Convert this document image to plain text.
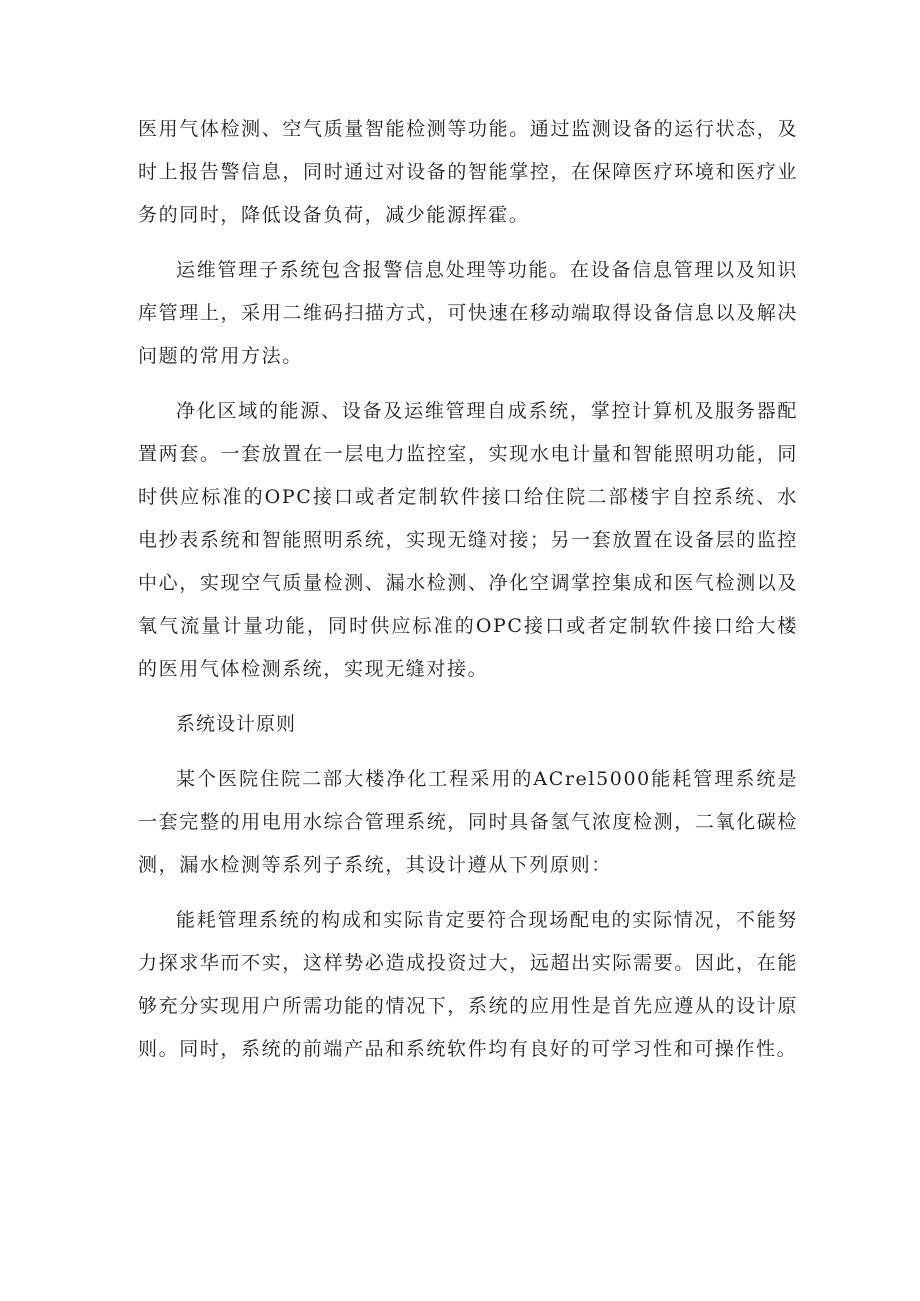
医用气体检测、空气质量智能检测等功能。通过监测设备的运行状态，及时上报告警信息，同时通过对设备的智能掌控，在保障医疗环境和医疗业务的同时，降低设备负荷，减少能源挥霍。

运维管理子系统包含报警信息处理等功能。在设备信息管理以及知识库管理上，采用二维码扫描方式，可快速在移动端取得设备信息以及解决问题的常用方法。

净化区域的能源、设备及运维管理自成系统，掌控计算机及服务器配置两套。一套放置在一层电力监控室，实现水电计量和智能照明功能，同时供应标准的OPC接口或者定制软件接口给住院二部楼宇自控系统、水电抄表系统和智能照明系统，实现无缝对接；另一套放置在设备层的监控中心，实现空气质量检测、漏水检测、净化空调掌控集成和医气检测以及氧气流量计量功能，同时供应标准的OPC接口或者定制软件接口给大楼的医用气体检测系统，实现无缝对接。

系统设计原则

某个医院住院二部大楼净化工程采用的ACrel5000能耗管理系统是一套完整的用电用水综合管理系统，同时具备氢气浓度检测，二氧化碳检测，漏水检测等系列子系统，其设计遵从下列原则：

能耗管理系统的构成和实际肯定要符合现场配电的实际情况，不能努力探求华而不实，这样势必造成投资过大，远超出实际需要。因此，在能够充分实现用户所需功能的情况下，系统的应用性是首先应遵从的设计原则。同时，系统的前端产品和系统软件均有良好的可学习性和可操作性。
